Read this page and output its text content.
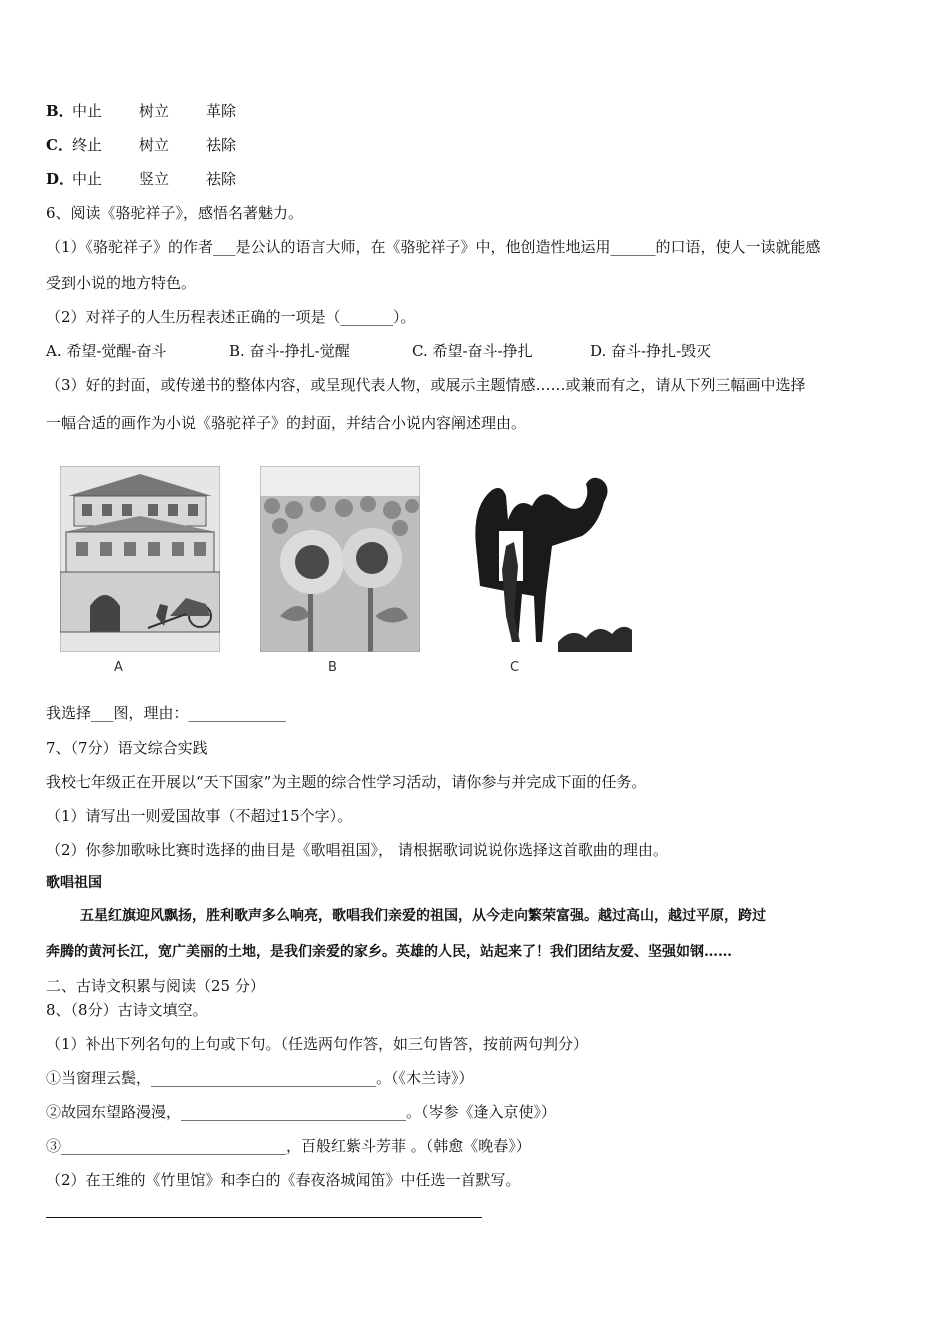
B．中止 树立 革除
C．终止 树立 祛除
D．中止 竖立 祛除
6、阅读《骆驼祥子》，感悟名著魅力。
（1）《骆驼祥子》的作者___是公认的语言大师，在《骆驼祥子》中，他创造性地运用______的口语，使人一读就能感
受到小说的地方特色。
（2）对祥子的人生历程表述正确的一项是（_______）。
A. 希望-觉醒-奋斗	B. 奋斗-挣扎-觉醒	C. 希望-奋斗-挣扎	D. 奋斗-挣扎-毁灭
（3）好的封面，或传递书的整体内容，或呈现代表人物，或展示主题情感……或兼而有之，请从下列三幅画中选择
一幅合适的画作为小说《骆驼祥子》的封面，并结合小说内容阐述理由。
A	B	C
我选择___图，理由：_____________
7、（7分）语文综合实践
我校七年级正在开展以“天下国家”为主题的综合性学习活动，请你参与并完成下面的任务。
（1）请写出一则爱国故事（不超过15个字）。
（2）你参加歌咏比赛时选择的曲目是《歌唱祖国》， 请根据歌词说说你选择这首歌曲的理由。
歌唱祖国
五星红旗迎风飘扬，胜利歌声多么响亮，歌唱我们亲爱的祖国，从今走向繁荣富强。越过高山，越过平原，跨过
奔腾的黄河长江，宽广美丽的土地，是我们亲爱的家乡。英雄的人民，站起来了！我们团结友爱、坚强如钢……
二、古诗文积累与阅读（25 分）
8、（8分）古诗文填空。
（1）补出下列名句的上句或下句。（任选两句作答，如三句皆答，按前两句判分）
①当窗理云鬓，______________________________。（《木兰诗》）
②故园东望路漫漫，______________________________。（岑参《逢入京使》）
③______________________________，百般红紫斗芳菲 。（韩愈《晚春》）
（2）在王维的《竹里馆》和李白的《春夜洛城闻笛》中任选一首默写。
